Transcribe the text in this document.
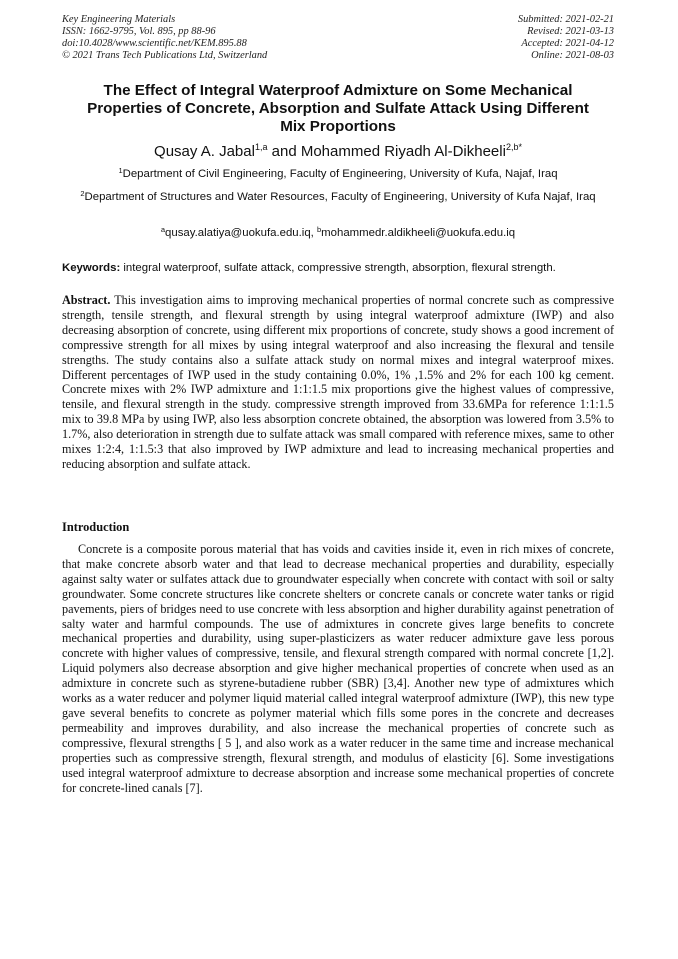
Key Engineering Materials
ISSN: 1662-9795, Vol. 895, pp 88-96
doi:10.4028/www.scientific.net/KEM.895.88
© 2021 Trans Tech Publications Ltd, Switzerland
Submitted: 2021-02-21
Revised: 2021-03-13
Accepted: 2021-04-12
Online: 2021-08-03
The Effect of Integral Waterproof Admixture on Some Mechanical
Properties of Concrete, Absorption and Sulfate Attack Using Different
Mix Proportions
Qusay A. Jabal$^{1,a}$ and Mohammed Riyadh Al-Dikheeli$^{2,b*}$
$^1$Department of Civil Engineering, Faculty of Engineering, University of Kufa, Najaf, Iraq
$^2$Department of Structures and Water Resources, Faculty of Engineering, University of Kufa Najaf, Iraq
$^a$qusay.alatiya@uokufa.edu.iq, $^b$mohammedr.aldikheeli@uokufa.edu.iq
Keywords: integral waterproof, sulfate attack, compressive strength, absorption, flexural strength.
Abstract. This investigation aims to improving mechanical properties of normal concrete such as compressive strength, tensile strength, and flexural strength by using integral waterproof admixture (IWP) and also decreasing absorption of concrete, using different mix proportions of concrete, study shows a good increment of compressive strength for all mixes by using integral waterproof and also increasing the flexural and tensile strengths. The study contains also a sulfate attack study on normal mixes and integral waterproof mixes. Different percentages of IWP used in the study containing 0.0%, 1% ,1.5% and 2% for each 100 kg cement. Concrete mixes with 2% IWP admixture and 1:1:1.5 mix proportions give the highest values of compressive, tensile, and flexural strength in the study. compressive strength improved from 33.6MPa for reference 1:1:1.5 mix to 39.8 MPa by using IWP, also less absorption concrete obtained, the absorption was lowered from 3.5% to 1.7%, also deterioration in strength due to sulfate attack was small compared with reference mixes, same to other mixes 1:2:4, 1:1.5:3 that also improved by IWP admixture and lead to increasing mechanical properties and reducing absorption and sulfate attack.
Introduction
Concrete is a composite porous material that has voids and cavities inside it, even in rich mixes of concrete, that make concrete absorb water and that lead to decrease mechanical properties and durability, especially against salty water or sulfates attack due to groundwater especially when concrete with contact with soil or salty groundwater. Some concrete structures like concrete shelters or concrete canals or concrete water tanks or rigid pavements, piers of bridges need to use concrete with less absorption and higher durability against penetration of salty water and harmful compounds. The use of admixtures in concrete gives large benefits to concrete mechanical properties and durability, using super-plasticizers as water reducer admixture gave less porous concrete with higher values of compressive, tensile, and flexural strength compared with normal concrete [1,2]. Liquid polymers also decrease absorption and give higher mechanical properties of concrete when used as an admixture in concrete such as styrene-butadiene rubber (SBR) [3,4]. Another new type of admixtures which works as a water reducer and polymer liquid material called integral waterproof admixture (IWP), this new type gave several benefits to concrete as polymer material which fills some pores in the concrete and decreases permeability and improves durability, and also increase the mechanical properties of concrete such as compressive, flexural strengths [ 5 ], and also work as a water reducer in the same time and increase mechanical properties such as compressive strength, flexural strength, and modulus of elasticity [6]. Some investigations used integral waterproof admixture to decrease absorption and increase some mechanical properties of concrete for concrete-lined canals [7].
